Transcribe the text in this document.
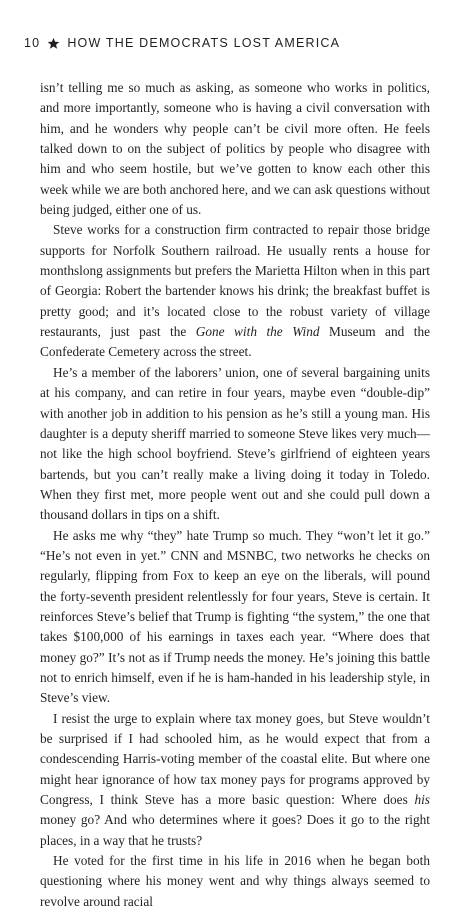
10 HOW THE DEMOCRATS LOST AMERICA

isn’t telling me so much as asking, as someone who works in politics, and more importantly, someone who is having a civil conversation with him, and he wonders why people can’t be civil more often. He feels talked down to on the subject of politics by people who disagree with him and who seem hostile, but we’ve gotten to know each other this week while we are both anchored here, and we can ask questions without being judged, either one of us.

Steve works for a construction firm contracted to repair those bridge supports for Norfolk Southern railroad. He usually rents a house for monthslong assignments but prefers the Marietta Hilton when in this part of Georgia: Robert the bartender knows his drink; the breakfast buffet is pretty good; and it’s located close to the robust variety of village restaurants, just past the Gone with the Wind Museum and the Confederate Cemetery across the street.

He’s a member of the laborers’ union, one of several bargaining units at his company, and can retire in four years, maybe even “double-dip” with another job in addition to his pension as he’s still a young man. His daughter is a deputy sheriff married to someone Steve likes very much—not like the high school boyfriend. Steve’s girlfriend of eighteen years bartends, but you can’t really make a living doing it today in Toledo. When they first met, more people went out and she could pull down a thousand dollars in tips on a shift.

He asks me why “they” hate Trump so much. They “won’t let it go.” “He’s not even in yet.” CNN and MSNBC, two networks he checks on regularly, flipping from Fox to keep an eye on the liberals, will pound the forty-seventh president relentlessly for four years, Steve is certain. It reinforces Steve’s belief that Trump is fighting “the system,” the one that takes $100,000 of his earnings in taxes each year. “Where does that money go?” It’s not as if Trump needs the money. He’s joining this battle not to enrich himself, even if he is ham-handed in his leadership style, in Steve’s view.

I resist the urge to explain where tax money goes, but Steve wouldn’t be surprised if I had schooled him, as he would expect that from a condescending Harris-voting member of the coastal elite. But where one might hear ignorance of how tax money pays for programs approved by Congress, I think Steve has a more basic question: Where does his money go? And who determines where it goes? Does it go to the right places, in a way that he trusts?

He voted for the first time in his life in 2016 when he began both questioning where his money went and why things always seemed to revolve around racial
